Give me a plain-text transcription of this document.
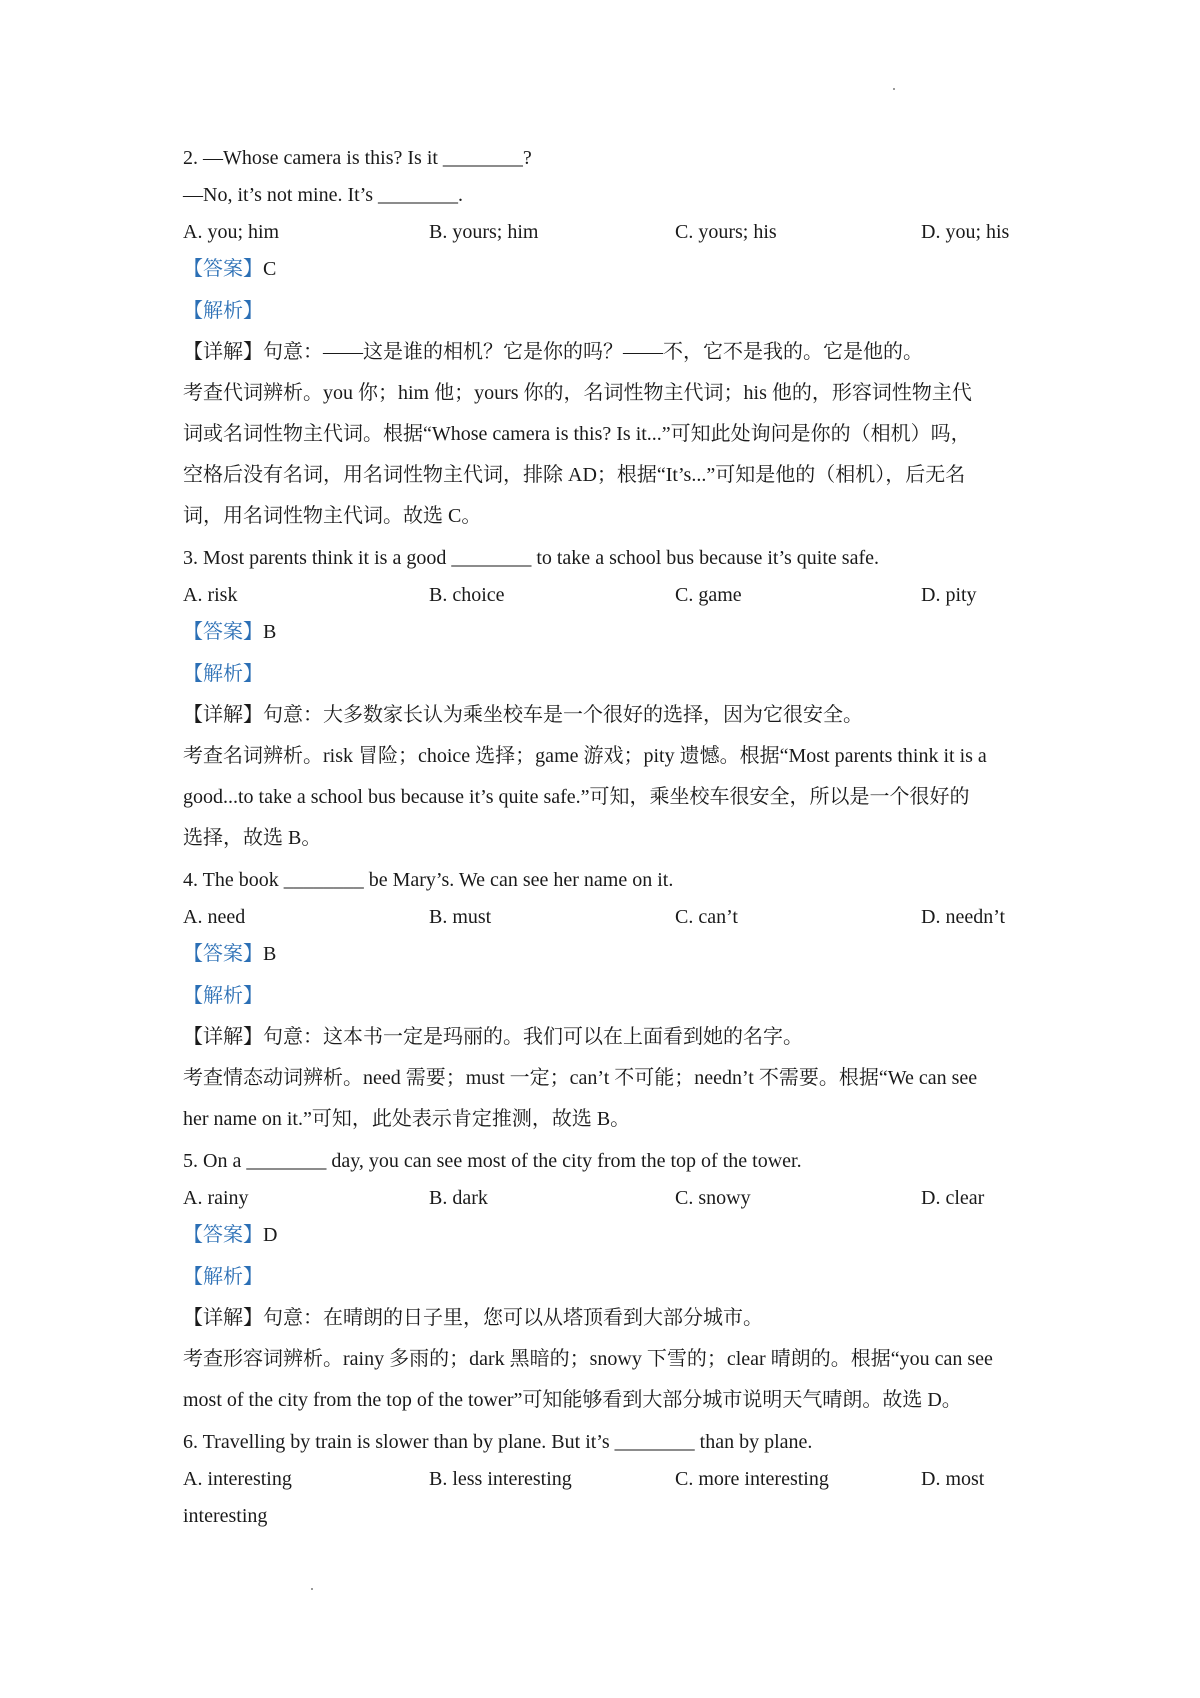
2. —Whose camera is this? Is it ________?
—No, it’s not mine. It’s ________.
A. you; him	B. yours; him	C. yours; his	D. you; his
【答案】C
【解析】
【详解】句意：——这是谁的相机？它是你的吗？——不，它不是我的。它是他的。
考查代词辨析。you 你；him 他；yours 你的，名词性物主代词；his 他的，形容词性物主代
词或名词性物主代词。根据“Whose camera is this? Is it...”可知此处询问是你的（相机）吗，
空格后没有名词，用名词性物主代词，排除 AD；根据“It’s...”可知是他的（相机），后无名
词，用名词性物主代词。故选 C。
3. Most parents think it is a good ________ to take a school bus because it’s quite safe.
A. risk	B. choice	C. game	D. pity
【答案】B
【解析】
【详解】句意：大多数家长认为乘坐校车是一个很好的选择，因为它很安全。
考查名词辨析。risk 冒险；choice 选择；game 游戏；pity 遗憾。根据“Most parents think it is a
good...to take a school bus because it’s quite safe.”可知，乘坐校车很安全，所以是一个很好的
选择，故选 B。
4. The book ________ be Mary’s. We can see her name on it.
A. need	B. must	C. can’t	D. needn’t
【答案】B
【解析】
【详解】句意：这本书一定是玛丽的。我们可以在上面看到她的名字。
考查情态动词辨析。need 需要；must 一定；can’t 不可能；needn’t 不需要。根据“We can see
her name on it.”可知，此处表示肯定推测，故选 B。
5. On a ________ day, you can see most of the city from the top of the tower.
A. rainy	B. dark	C. snowy	D. clear
【答案】D
【解析】
【详解】句意：在晴朗的日子里，您可以从塔顶看到大部分城市。
考查形容词辨析。rainy 多雨的；dark 黑暗的；snowy 下雪的；clear 晴朗的。根据“you can see
most of the city from the top of the tower”可知能够看到大部分城市说明天气晴朗。故选 D。
6. Travelling by train is slower than by plane. But it’s ________ than by plane.
A. interesting	B. less interesting	C. more interesting	D. most
interesting
